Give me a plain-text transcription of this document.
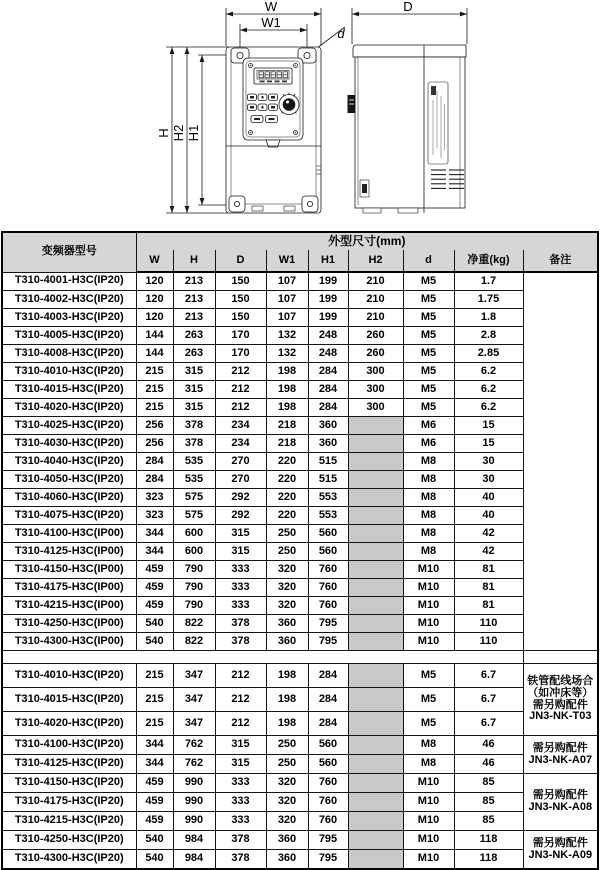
W
W1
d
H H2 H1
D
变频器型号	外型尺寸(mm)								
	W	H	D	W1	H1	H2	d	净重(kg)	备注
T310-4001-H3C(IP20)	120	213	150	107	199	210	M5	1.7	
T310-4002-H3C(IP20)	120	213	150	107	199	210	M5	1.75	
T310-4003-H3C(IP20)	120	213	150	107	199	210	M5	1.8	
T310-4005-H3C(IP20)	144	263	170	132	248	260	M5	2.8	
T310-4008-H3C(IP20)	144	263	170	132	248	260	M5	2.85	
T310-4010-H3C(IP20)	215	315	212	198	284	300	M5	6.2	
T310-4015-H3C(IP20)	215	315	212	198	284	300	M5	6.2	
T310-4020-H3C(IP20)	215	315	212	198	284	300	M5	6.2	
T310-4025-H3C(IP20)	256	378	234	218	360		M6	15	
T310-4030-H3C(IP20)	256	378	234	218	360		M6	15	
T310-4040-H3C(IP20)	284	535	270	220	515		M8	30	
T310-4050-H3C(IP20)	284	535	270	220	515		M8	30	
T310-4060-H3C(IP20)	323	575	292	220	553		M8	40	
T310-4075-H3C(IP20)	323	575	292	220	553		M8	40	
T310-4100-H3C(IP00)	344	600	315	250	560		M8	42	
T310-4125-H3C(IP00)	344	600	315	250	560		M8	42	
T310-4150-H3C(IP00)	459	790	333	320	760		M10	81	
T310-4175-H3C(IP00)	459	790	333	320	760		M10	81	
T310-4215-H3C(IP00)	459	790	333	320	760		M10	81	
T310-4250-H3C(IP00)	540	822	378	360	795		M10	110	
T310-4300-H3C(IP00)	540	822	378	360	795		M10	110	

T310-4010-H3C(IP20)	215	347	212	198	284		M5	6.7	铁管配线场合
（如冲床等）
需另购配件
JN3-NK-T03

T310-4015-H3C(IP20)	215	347	212	198	284		M5	6.7	
T310-4020-H3C(IP20)	215	347	212	198	284		M5	6.7	
T310-4100-H3C(IP20)	344	762	315	250	560		M8	46	需另购配件
JN3-NK-A07

T310-4125-H3C(IP20)	344	762	315	250	560		M8	46	
T310-4150-H3C(IP20)	459	990	333	320	760		M10	85	需另购配件
JN3-NK-A08

T310-4175-H3C(IP20)	459	990	333	320	760		M10	85	
T310-4215-H3C(IP20)	459	990	333	320	760		M10	85	
T310-4250-H3C(IP20)	540	984	378	360	795		M10	118	需另购配件
JN3-NK-A09

T310-4300-H3C(IP20)	540	984	378	360	795		M10	118	
